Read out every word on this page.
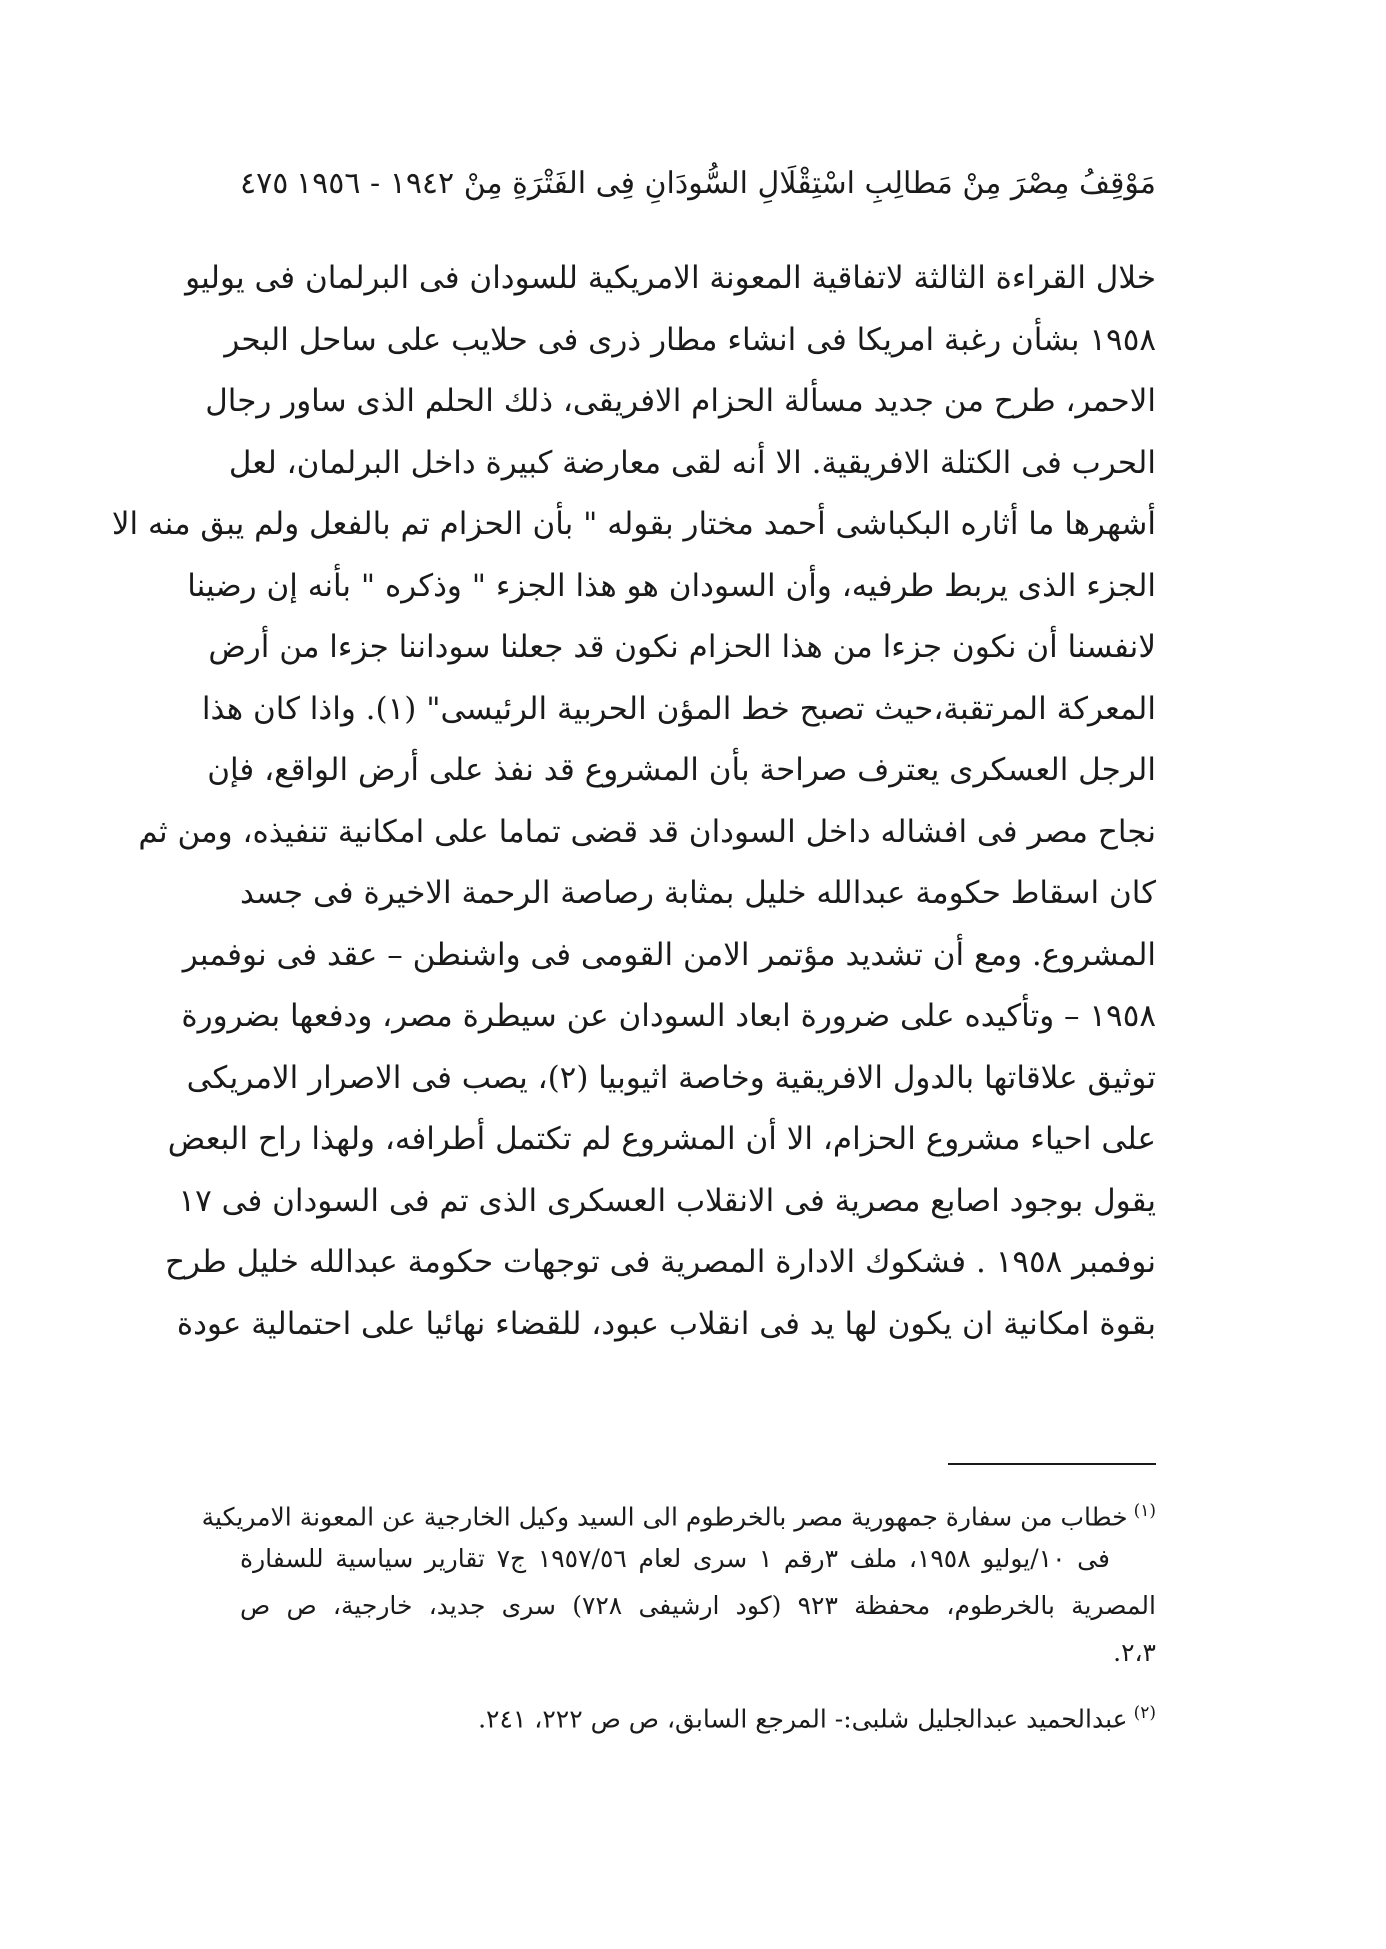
مَوْقِفُ مِصْرَ مِنْ مَطالِبِ اسْتِقْلَالِ السُّودَانِ فِى الفَتْرَةِ مِنْ ١٩٤٢ - ١٩٥٦
٤٧٥
خلال القراءة الثالثة لاتفاقية المعونة الامريكية للسودان فى البرلمان فى يوليو
١٩٥٨ بشأن رغبة امريكا فى انشاء مطار ذرى فى حلايب على ساحل البحر
الاحمر، طرح من جديد مسألة الحزام الافريقى، ذلك الحلم الذى ساور رجال
الحرب فى الكتلة الافريقية. الا أنه لقى معارضة كبيرة داخل البرلمان، لعل
أشهرها ما أثاره البكباشى أحمد مختار بقوله " بأن الحزام تم بالفعل ولم يبق منه الا
الجزء الذى يربط طرفيه، وأن السودان هو هذا الجزء " وذكره " بأنه إن رضينا
لانفسنا أن نكون جزءا من هذا الحزام نكون قد جعلنا سوداننا جزءا من أرض
المعركة المرتقبة،حيث تصبح خط المؤن الحربية الرئيسى" (١). واذا كان هذا
الرجل العسكرى يعترف صراحة بأن المشروع قد نفذ على أرض الواقع، فإن
نجاح مصر فى افشاله داخل السودان قد قضى تماما على امكانية تنفيذه، ومن ثم
كان اسقاط حكومة عبدالله خليل بمثابة رصاصة الرحمة الاخيرة فى جسد
المشروع. ومع أن تشديد مؤتمر الامن القومى فى واشنطن – عقد فى نوفمبر
١٩٥٨ – وتأكيده على ضرورة ابعاد السودان عن سيطرة مصر، ودفعها بضرورة
توثيق علاقاتها بالدول الافريقية وخاصة اثيوبيا (٢)، يصب فى الاصرار الامريكى
على احياء مشروع الحزام، الا أن المشروع لم تكتمل أطرافه، ولهذا راح البعض
يقول بوجود اصابع مصرية فى الانقلاب العسكرى الذى تم فى السودان فى ١٧
نوفمبر ١٩٥٨ . فشكوك الادارة المصرية فى توجهات حكومة عبدالله خليل طرح
بقوة امكانية ان يكون لها يد فى انقلاب عبود، للقضاء نهائيا على احتمالية عودة
$^{(١)}$خطاب من سفارة جمهورية مصر بالخرطوم الى السيد وكيل الخارجية عن المعونة الامريكية
فى ١٠/يوليو ١٩٥٨، ملف ٣رقم ١ سرى لعام ١٩٥٧/٥٦ ج٧ تقارير سياسية للسفارة
المصرية بالخرطوم، محفظة ٩٢٣ (كود ارشيفى ٧٢٨) سرى جديد، خارجية، ص ص
٢،٣.
$^{(٢)}$عبدالحميد عبدالجليل شلبى:- المرجع السابق، ص ص ٢٢٢، ٢٤١.
